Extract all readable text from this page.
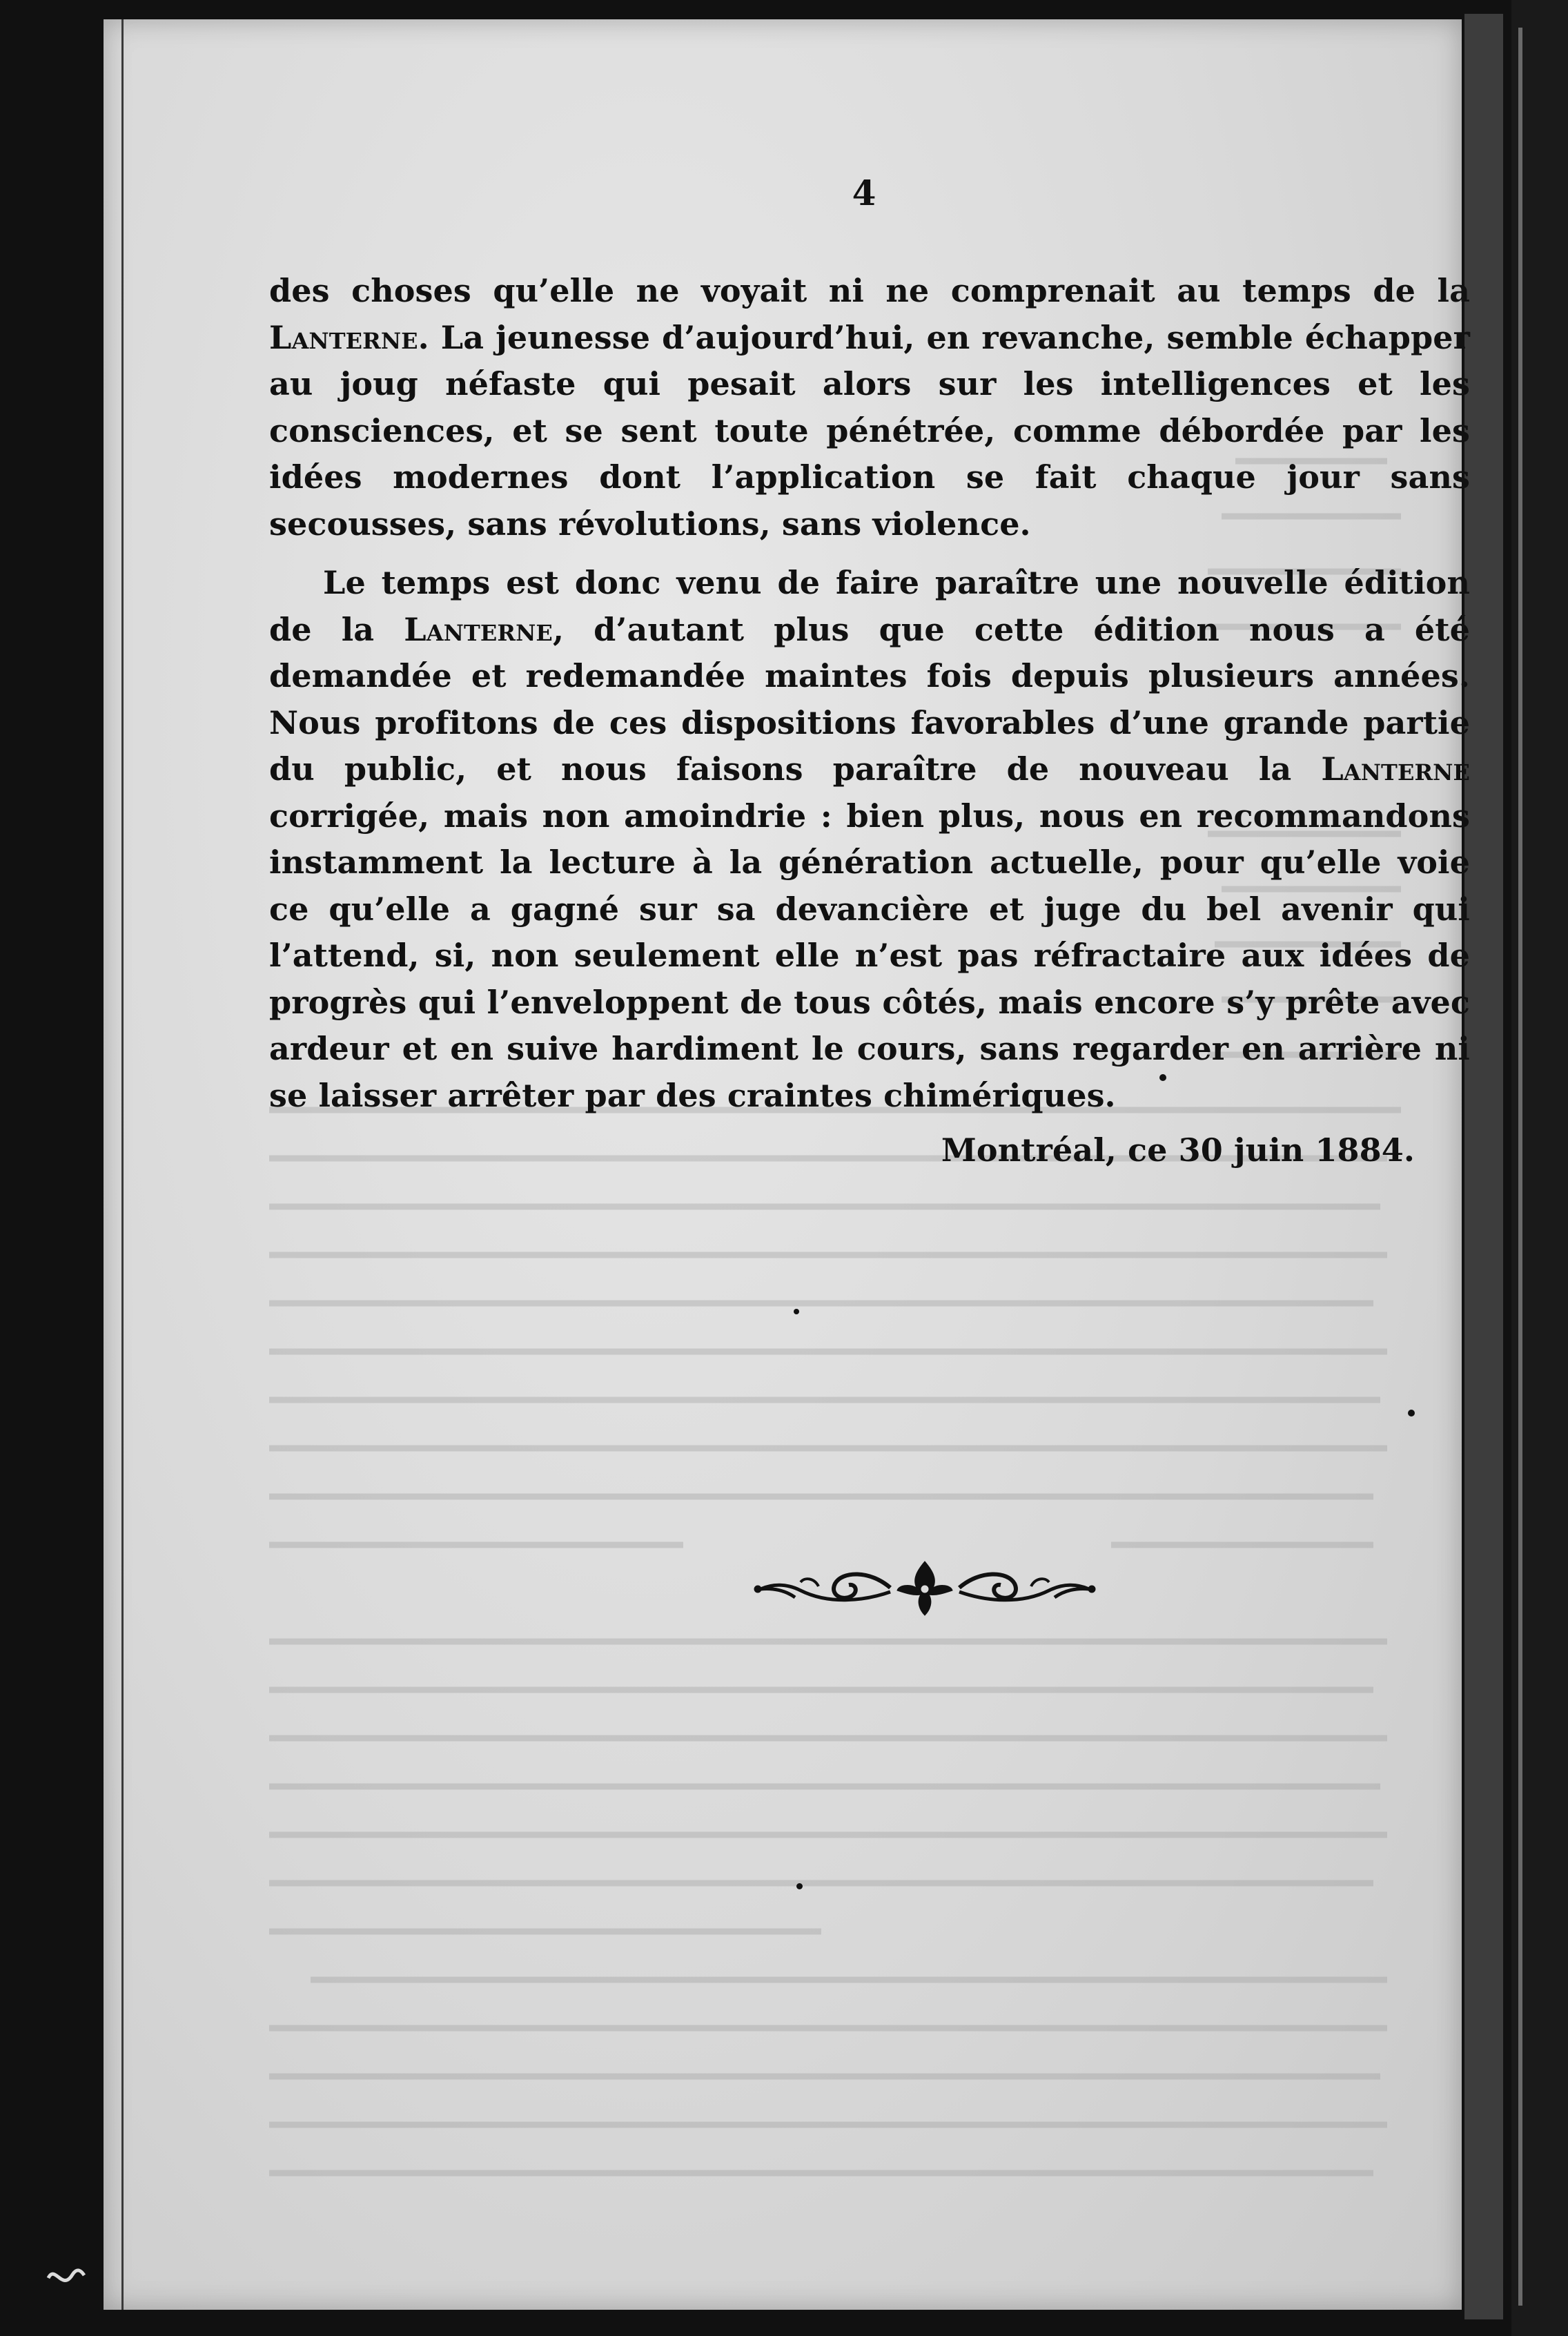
4

des choses qu’elle ne voyait ni ne comprenait au temps de la Lanterne. La jeunesse d’aujourd’hui, en revanche, semble échapper au joug néfaste qui pesait alors sur les intelligences et les consciences, et se sent toute pénétrée, comme débordée par les idées modernes dont l’application se fait chaque jour sans secousses, sans révolutions, sans violence.

Le temps est donc venu de faire paraître une nouvelle édition de la Lanterne, d’autant plus que cette édition nous a été demandée et redemandée maintes fois depuis plusieurs années. Nous profitons de ces dispositions favorables d’une grande partie du public, et nous faisons paraître de nouveau la Lanterne corrigée, mais non amoindrie : bien plus, nous en recommandons instamment la lecture à la génération actuelle, pour qu’elle voie ce qu’elle a gagné sur sa devancière et juge du bel avenir qui l’attend, si, non seulement elle n’est pas réfractaire aux idées de progrès qui l’enveloppent de tous côtés, mais encore s’y prête avec ardeur et en suive hardiment le cours, sans regarder en arrière ni se laisser arrêter par des craintes chimériques.

Montréal, ce 30 juin 1884.
